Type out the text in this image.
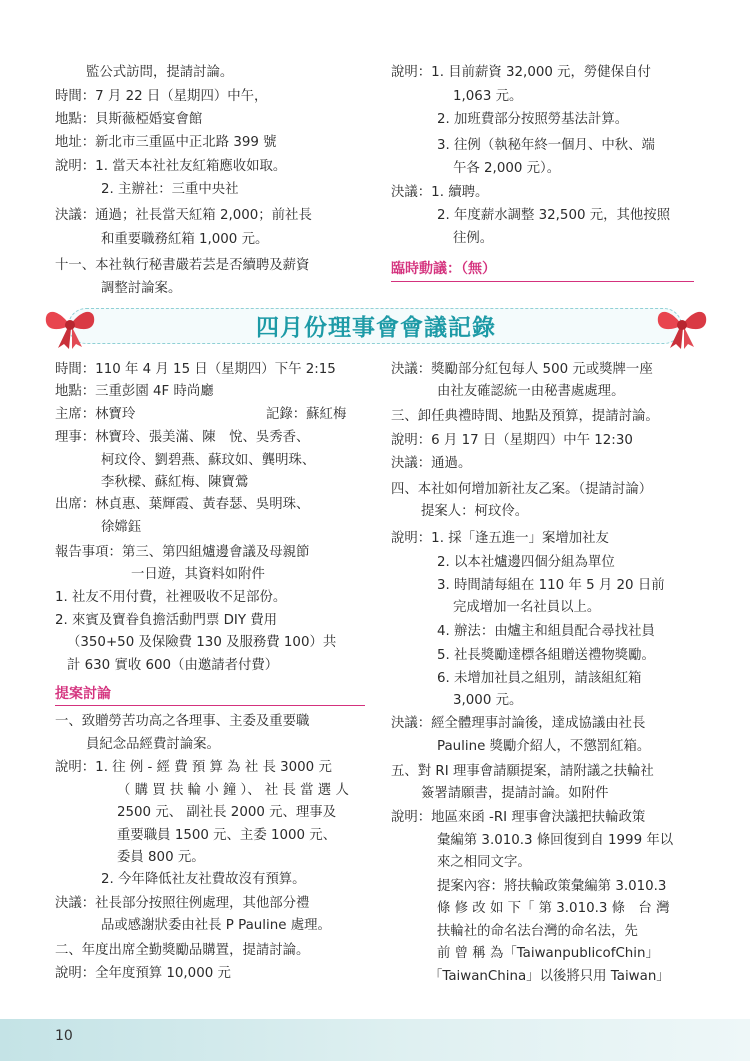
監公式訪問，提請討論。
時間：7 月 22 日（星期四）中午，
地點：貝斯薇椏婚宴會館
地址：新北市三重區中正北路 399 號
說明：1. 當天本社社友紅箱應收如取。
2. 主辦社：三重中央社
決議：通過；社長當天紅箱 2,000；前社長
和重要職務紅箱 1,000 元。
十一、本社執行秘書嚴若芸是否續聘及薪資
調整討論案。
說明：1. 目前薪資 32,000 元，勞健保自付
1,063 元。
2. 加班費部分按照勞基法計算。
3. 往例（執秘年終一個月、中秋、端
午各 2,000 元）。
決議：1. 續聘。
2. 年度薪水調整 32,500 元，其他按照
往例。
臨時動議：（無）
四月份理事會會議記錄
時間：110 年 4 月 15 日（星期四）下午 2:15
地點：三重彭園 4F 時尚廳
主席：林寶玲	記錄：蘇紅梅
理事：林寶玲、張美滿、陳　悅、吳秀香、
柯玟伶、劉碧燕、蘇玟如、龔明珠、
李秋樑、蘇紅梅、陳寶鶯
出席：林貞惠、葉輝霞、黃春瑟、吳明珠、
徐嫦鈺
報告事項：第三、第四組爐邊會議及母親節
一日遊，其資料如附件
1. 社友不用付費，社裡吸收不足部份。
2. 來賓及寶眷負擔活動門票 DIY 費用
（350+50 及保險費 130 及服務費 100）共
計 630 實收 600（由邀請者付費）
提案討論
一、致贈勞苦功高之各理事、主委及重要職
員紀念品經費討論案。
說明：1. 往 例 - 經 費 預 算 為 社 長 3000 元
（ 購 買 扶 輪 小 鐘 ）、 社 長 當 選 人
2500 元、 副社長 2000 元、理事及
重要職員 1500 元、主委 1000 元、
委員 800 元。
2. 今年降低社友社費故沒有預算。
決議：社長部分按照往例處理，其他部分禮
品或感謝狀委由社長 P Pauline 處理。
二、年度出席全勤獎勵品購置，提請討論。
說明：全年度預算 10,000 元
決議：獎勵部分紅包每人 500 元或獎牌一座
由社友確認統一由秘書處處理。
三、卸任典禮時間、地點及預算，提請討論。
說明：6 月 17 日（星期四）中午 12:30
決議：通過。
四、本社如何增加新社友乙案。（提請討論）
提案人：柯玟伶。
說明：1. 採「逢五進一」案增加社友
2. 以本社爐邊四個分組為單位
3. 時間請每組在 110 年 5 月 20 日前
完成增加一名社員以上。
4. 辦法：由爐主和組員配合尋找社員
5. 社長獎勵達標各組贈送禮物獎勵。
6. 未增加社員之組別，請該組紅箱
3,000 元。
決議：經全體理事討論後，達成協議由社長
Pauline 獎勵介紹人，不懲罰紅箱。
五、對 RI 理事會請願提案，請附議之扶輪社
簽署請願書，提請討論。如附件
說明：地區來函 -RI 理事會決議把扶輪政策
彙編第 3.010.3 條回復到自 1999 年以
來之相同文字。
提案內容：將扶輪政策彙編第 3.010.3
條 修 改 如 下「 第 3.010.3 條　台 灣
扶輪社的命名法台灣的命名法，先
前 曾 稱 為「TaiwanpublicofChin」
「TaiwanChina」以後將只用 Taiwan」
10
